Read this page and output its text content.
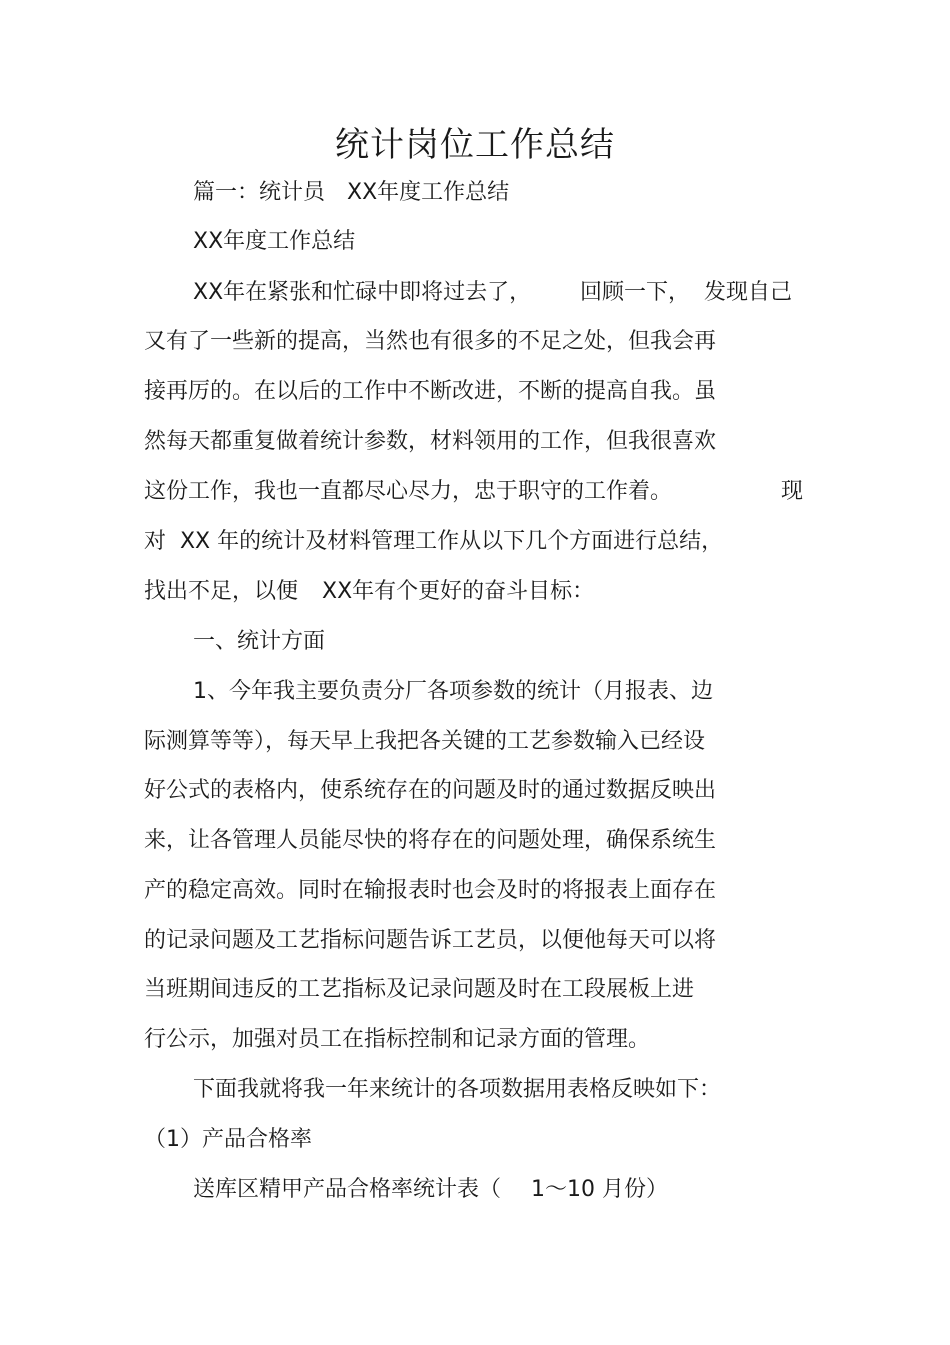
统计岗位工作总结
篇一：统计员 XX年度工作总结
XX年度工作总结
XX年在紧张和忙碌中即将过去了， 回顾一下， 发现自己
又有了一些新的提高，当然也有很多的不足之处，但我会再
接再厉的。在以后的工作中不断改进，不断的提高自我。虽
然每天都重复做着统计参数，材料领用的工作，但我很喜欢
这份工作，我也一直都尽心尽力，忠于职守的工作着。	现
对  XX 年的统计及材料管理工作从以下几个方面进行总结，
找出不足，以便 XX年有个更好的奋斗目标：
一、统计方面
1、今年我主要负责分厂各项参数的统计（月报表、边
际测算等等），每天早上我把各关键的工艺参数输入已经设
好公式的表格内，使系统存在的问题及时的通过数据反映出
来，让各管理人员能尽快的将存在的问题处理，确保系统生
产的稳定高效。同时在输报表时也会及时的将报表上面存在
的记录问题及工艺指标问题告诉工艺员，以便他每天可以将
当班期间违反的工艺指标及记录问题及时在工段展板上进
行公示，加强对员工在指标控制和记录方面的管理。
下面我就将我一年来统计的各项数据用表格反映如下：
（1）产品合格率
送库区精甲产品合格率统计表（ 1～10 月份）
